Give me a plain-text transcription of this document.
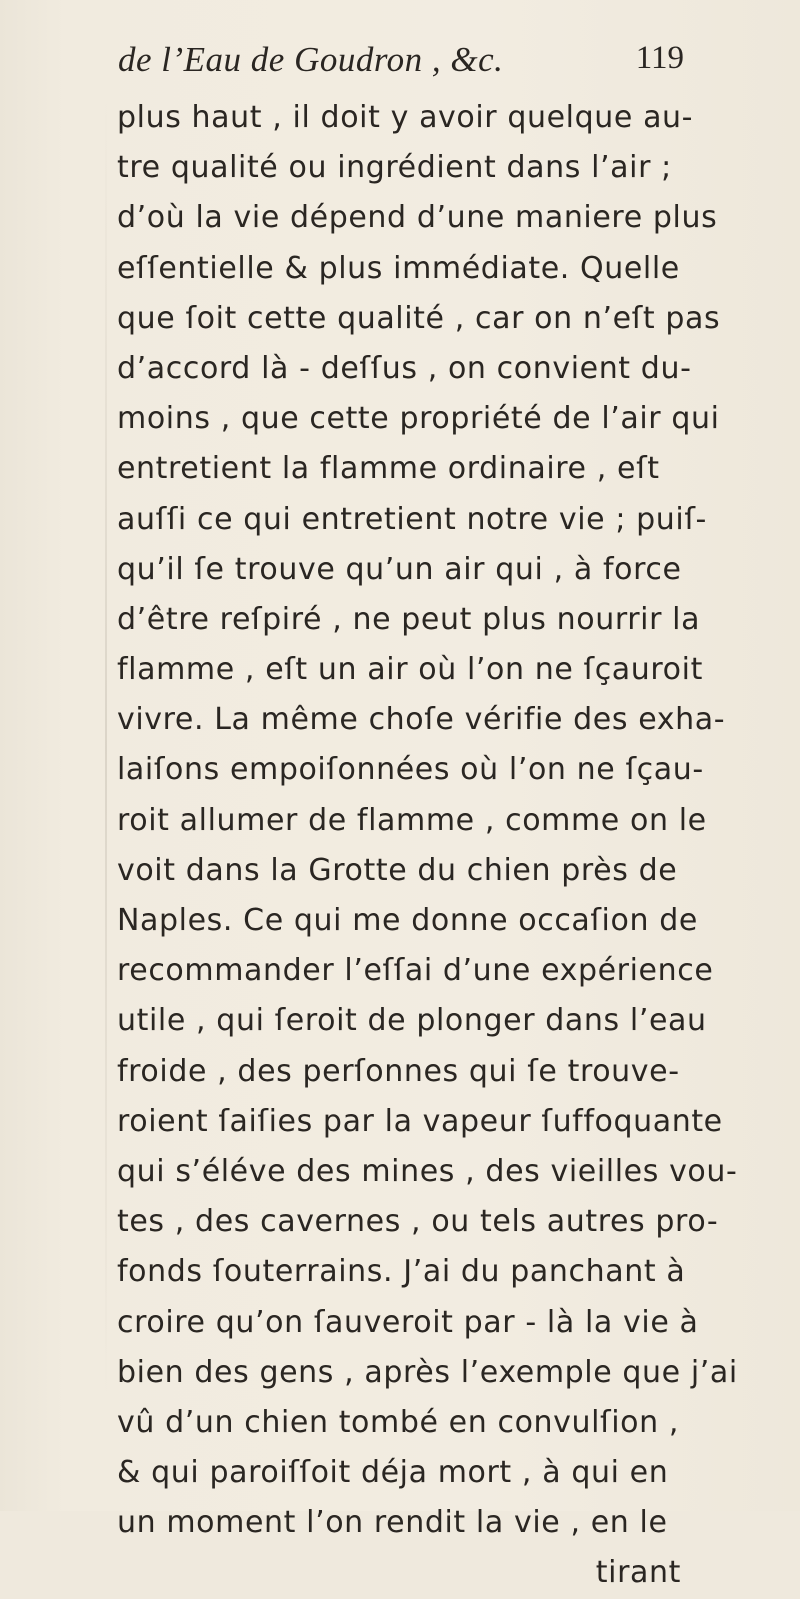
de l’Eau de Goudron , &c.	119
plus haut , il doit y avoir quelque au-
tre qualité ou ingrédient dans l’air ;
d’où la vie dépend d’une maniere plus
eſſentielle & plus immédiate. Quelle
que ſoit cette qualité , car on n’eſt pas
d’accord là - deſſus , on convient du-
moins , que cette propriété de l’air qui
entretient la flamme ordinaire , eſt
auſſi ce qui entretient notre vie ; puiſ-
qu’il ſe trouve qu’un air qui , à force
d’être reſpiré , ne peut plus nourrir la
flamme , eſt un air où l’on ne ſçauroit
vivre. La même choſe vérifie des exha-
laiſons empoiſonnées où l’on ne ſçau-
roit allumer de flamme , comme on le
voit dans la Grotte du chien près de
Naples. Ce qui me donne occaſion de
recommander l’eſſai d’une expérience
utile , qui ſeroit de plonger dans l’eau
froide , des perſonnes qui ſe trouve-
roient ſaiſies par la vapeur ſuffoquante
qui s’éléve des mines , des vieilles vou-
tes , des cavernes , ou tels autres pro-
fonds ſouterrains. J’ai du panchant à
croire qu’on ſauveroit par - là la vie à
bien des gens , après l’exemple que j’ai
vû d’un chien tombé en convulſion ,
& qui paroiſſoit déja mort , à qui en
un moment l’on rendit la vie , en le
tirant
